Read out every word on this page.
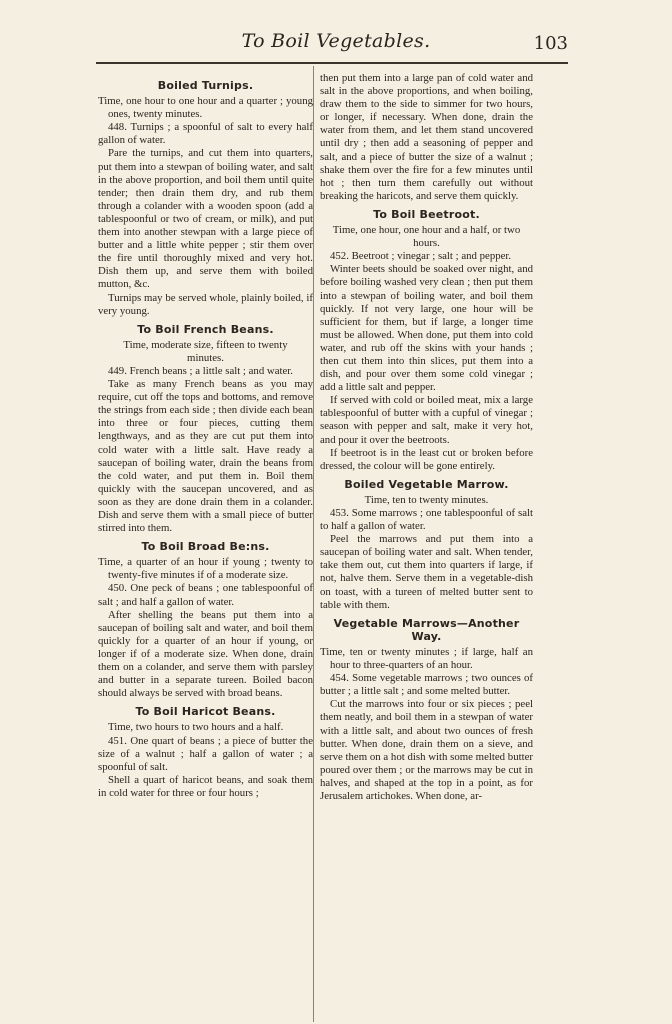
To Boil Vegetables.	103
Boiled Turnips.

Time, one hour to one hour and a quarter ; young ones, twenty minutes.

448. Turnips ; a spoonful of salt to every half gallon of water.

Pare the turnips, and cut them into quarters, put them into a stewpan of boiling water, and salt in the above proportion, and boil them until quite tender; then drain them dry, and rub them through a colander with a wooden spoon (add a tablespoonful or two of cream, or milk), and put them into another stewpan with a large piece of butter and a little white pepper ; stir them over the fire until thoroughly mixed and very hot. Dish them up, and serve them with boiled mutton, &c.

Turnips may be served whole, plainly boiled, if very young.

To Boil French Beans.

Time, moderate size, fifteen to twenty minutes.

449. French beans ; a little salt ; and water.

Take as many French beans as you may require, cut off the tops and bottoms, and remove the strings from each side ; then divide each bean into three or four pieces, cutting them lengthways, and as they are cut put them into cold water with a little salt. Have ready a saucepan of boiling water, drain the beans from the cold water, and put them in. Boil them quickly with the saucepan uncovered, and as soon as they are done drain them in a colander. Dish and serve them with a small piece of butter stirred into them.

To Boil Broad Be:ns.

Time, a quarter of an hour if young ; twenty to twenty-five minutes if of a moderate size.

450. One peck of beans ; one tablespoonful of salt ; and half a gallon of water.

After shelling the beans put them into a saucepan of boiling salt and water, and boil them quickly for a quarter of an hour if young, or longer if of a moderate size. When done, drain them on a colander, and serve them with parsley and butter in a separate tureen. Boiled bacon should always be served with broad beans.

To Boil Haricot Beans.

Time, two hours to two hours and a half.

451. One quart of beans ; a piece of butter the size of a walnut ; half a gallon of water ; a spoonful of salt.

Shell a quart of haricot beans, and soak them in cold water for three or four hours ;

then put them into a large pan of cold water and salt in the above proportions, and when boiling, draw them to the side to simmer for two hours, or longer, if necessary. When done, drain the water from them, and let them stand uncovered until dry ; then add a seasoning of pepper and salt, and a piece of butter the size of a walnut ; shake them over the fire for a few minutes until hot ; then turn them carefully out without breaking the haricots, and serve them quickly.

To Boil Beetroot.

Time, one hour, one hour and a half, or two hours.

452. Beetroot ; vinegar ; salt ; and pepper.

Winter beets should be soaked over night, and before boiling washed very clean ; then put them into a stewpan of boiling water, and boil them quickly. If not very large, one hour will be sufficient for them, but if large, a longer time must be allowed. When done, put them into cold water, and rub off the skins with your hands ; then cut them into thin slices, put them into a dish, and pour over them some cold vinegar ; add a little salt and pepper.

If served with cold or boiled meat, mix a large tablespoonful of butter with a cupful of vinegar ; season with pepper and salt, make it very hot, and pour it over the beetroots.

If beetroot is in the least cut or broken before dressed, the colour will be gone entirely.

Boiled Vegetable Marrow.

Time, ten to twenty minutes.

453. Some marrows ; one tablespoonful of salt to half a gallon of water.

Peel the marrows and put them into a saucepan of boiling water and salt. When tender, take them out, cut them into quarters if large, if not, halve them. Serve them in a vegetable-dish on toast, with a tureen of melted butter sent to table with them.

Vegetable Marrows—Another Way.

Time, ten or twenty minutes ; if large, half an hour to three-quarters of an hour.

454. Some vegetable marrows ; two ounces of butter ; a little salt ; and some melted butter.

Cut the marrows into four or six pieces ; peel them neatly, and boil them in a stewpan of water with a little salt, and about two ounces of fresh butter. When done, drain them on a sieve, and serve them on a hot dish with some melted butter poured over them ; or the marrows may be cut in halves, and shaped at the top in a point, as for Jerusalem artichokes. When done, ar-
